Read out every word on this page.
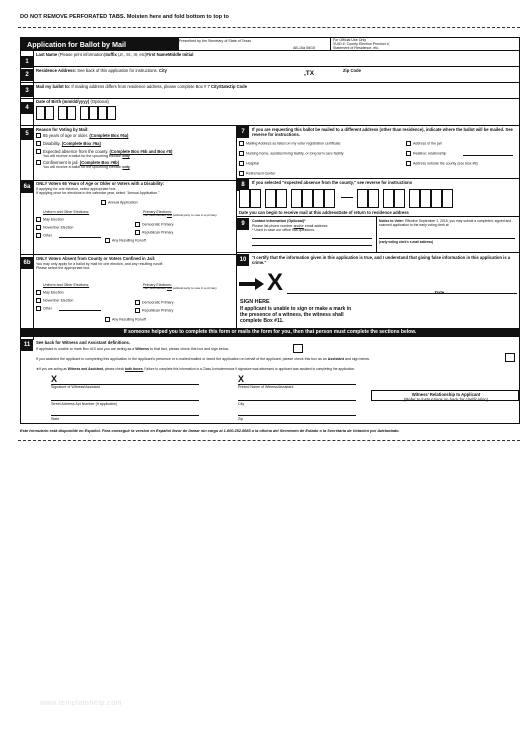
DO NOT REMOVE PERFORATED TABS. Moisten here and fold bottom to top to
Application for Ballot by Mail	Prescribed by the Secretary of State of Texas
AB-15a 08/15
For Official Use Only
VUID #, County Election Precinct #,
Statement of Residence, etc.
1
Last Name (Please print information)Suffix (Jr., Sr., III, etc)First NameMiddle Initial
2
Residence Address: See back of this application for instructions. City	,TX	Zip Code
3
Mail my ballot to: If mailing address differs from residence address, please complete Box # 7 CityStateZip Code
4
Date of Birth (mm/dd/yyyy) (Optional)
5
Reason for Voting by Mail:
65 years of age or older. (Complete Box #6a)
Disability. (Complete Box #6a)
Expected absence from the county. (Complete Box #6b and Box #8)
You will receive a ballot for the upcoming election only
Confinement in jail. (Complete Box #6b)
You will receive a ballot for the upcoming election only
6a
ONLY Voters 65 Years of Age or Older or Voters with a Disability:
If applying for one election, select appropriate box.
If applying once for elections in the calendar year, select "Annual Application."
Annual Application
Uniform and Other Elections:	Primary Elections:
You must declare one political party to vote in a primary.
May Election
November Election
Other
Democratic Primary
Republican Primary
Any Resulting Runoff
6b
ONLY Voters Absent from County or Voters Confined in Jail:
You may only apply for a ballot by mail for one election, and any resulting runoff.
Please select the appropriate box.
Uniform and Other Elections:	Primary Elections:
You must declare one political party to vote in a primary.
May Election
November Election
Other
Democratic Primary
Republican Primary
Any Resulting Runoff
7	If you are requesting this ballot be mailed to a different address (other than residence), indicate where the ballot will be mailed. See reverse for instructions.
Mailing Address as listed on my voter registration certificate	Address of the jail
Nursing home, assisted living facility, or long term care facility	Relative; relationship
Hospital	Address outside the county (see Box #8)
Retirement Center
8	If you selected "expected absence from the county," see reverse for instructions
Date you can begin to receive mail at this addressDate of return to residence address
9	Contact Information (Optional)*
Please list phone number and/or email address:
* Used in case our office has questions.
Notice to Voter: Effective September 1, 2015, you may submit a completed, signed and scanned application to the early voting clerk at
(early voting clerk's e-mail address)
10	"I certify that the information given in this application is true, and I understand that giving false information in this application is a crime."
X	Date
SIGN HERE
If applicant is unable to sign or make a mark in the presence of a witness, the witness shall complete Box #11.
If someone helped you to complete this form or mails the form for you, then that person must complete the sections below.
11	See back for Witness and Assistant definitions.
If applicant is unable to mark Box #10 and you are acting as a Witness to that fact, please check this box and sign below.
If you assisted the applicant in completing this application in the applicant's presence or e-mailed/mailed or faxed the application on behalf of the applicant, please check this box as an Assistant and sign below.
★If you are acting as Witness and Assistant, please check both boxes. Failure to complete this information is a Class A misdemeanor if signature was witnessed or applicant was assisted in completing the application.
X
Signature of Witness/Assistant
X
Printed Name of Witness/Assistant
Witness' Relationship to Applicant
(Refer to instructions on back for clarification)
Street Address Apt Number (If applicable)	City
State	Zip
Este formulario está disponible en Español. Para conseguir la version en Español favor de llamar sin cargo al 1.800.252.8683 a la oficina del Secretario de Estado o la Secretaria de Votación por Adelantado.
www.templatehelp.com
